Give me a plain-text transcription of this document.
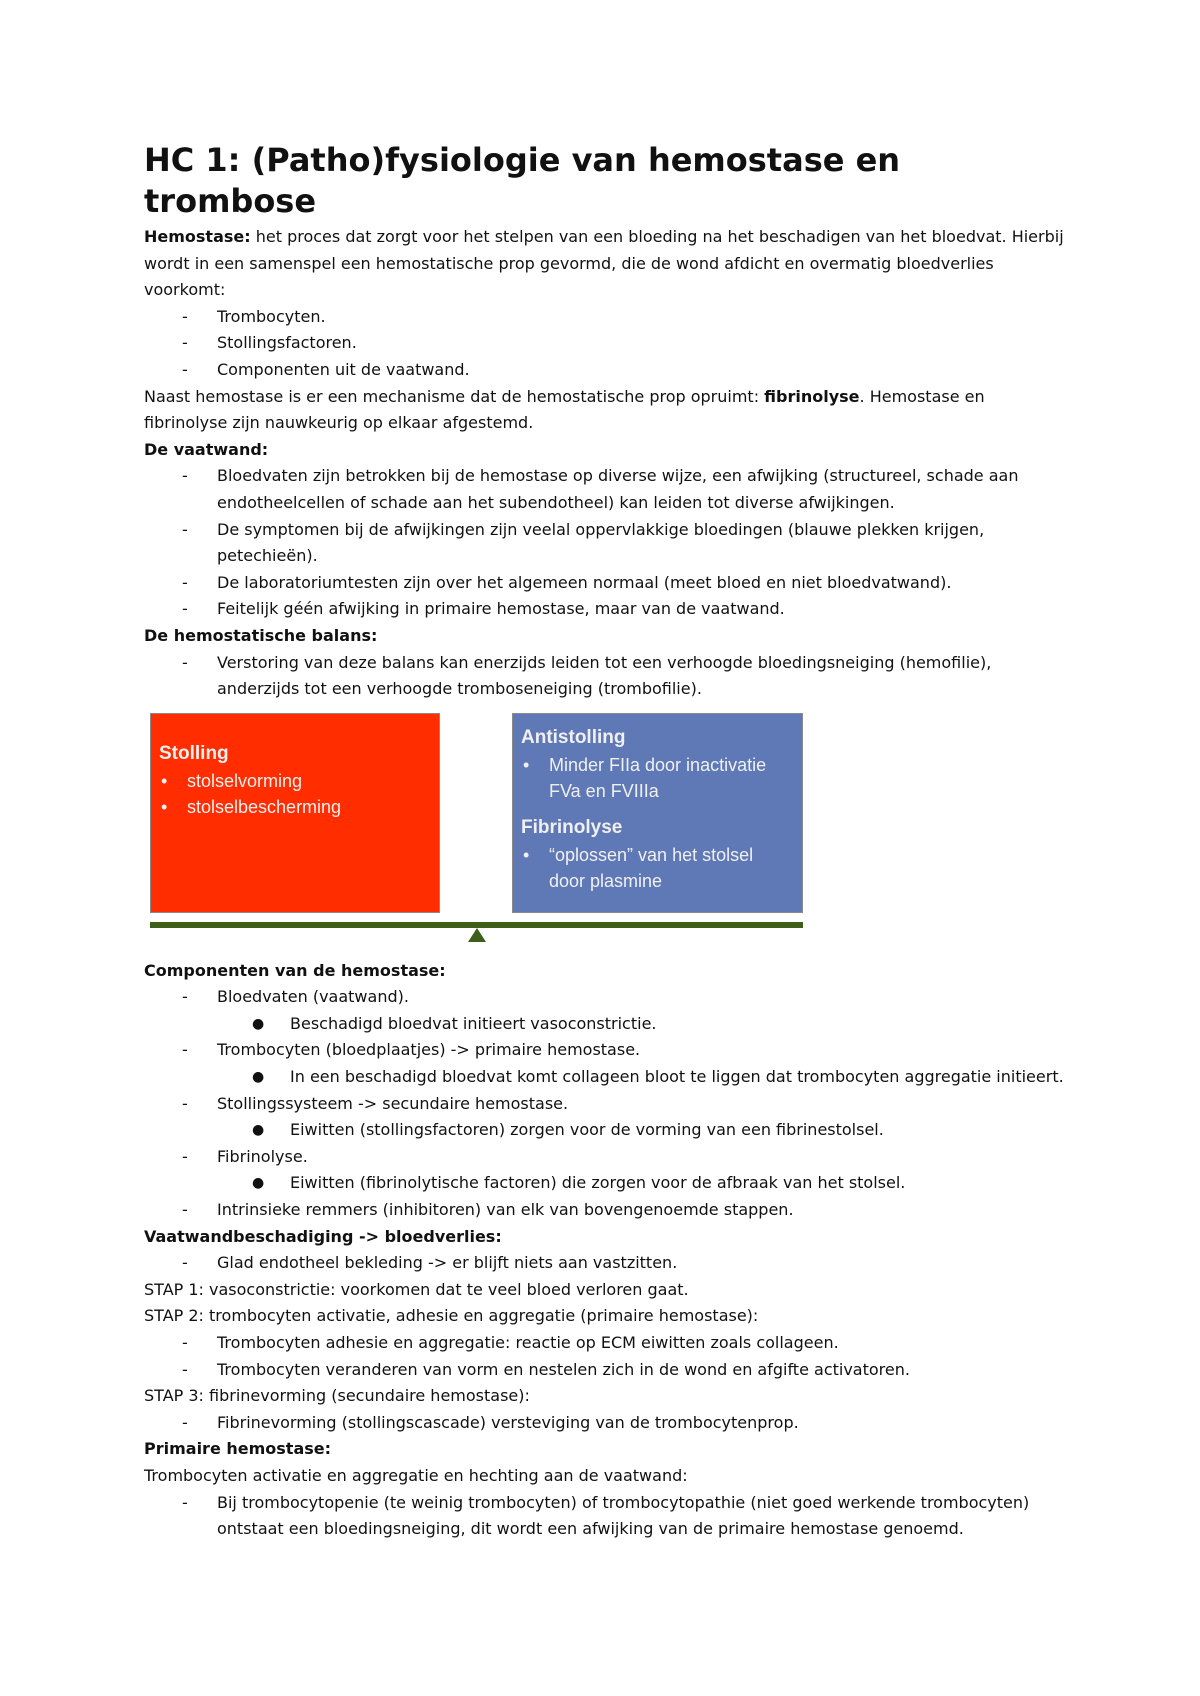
HC 1: (Patho)fysiologie van hemostase en trombose

Hemostase: het proces dat zorgt voor het stelpen van een bloeding na het beschadigen van het bloedvat. Hierbij wordt in een samenspel een hemostatische prop gevormd, die de wond afdicht en overmatig bloedverlies voorkomt:

- Trombocyten.
- Stollingsfactoren.
- Componenten uit de vaatwand.

Naast hemostase is er een mechanisme dat de hemostatische prop opruimt: fibrinolyse. Hemostase en fibrinolyse zijn nauwkeurig op elkaar afgestemd.

De vaatwand:

- Bloedvaten zijn betrokken bij de hemostase op diverse wijze, een afwijking (structureel, schade aan endotheelcellen of schade aan het subendotheel) kan leiden tot diverse afwijkingen.
- De symptomen bij de afwijkingen zijn veelal oppervlakkige bloedingen (blauwe plekken krijgen, petechieën).
- De laboratoriumtesten zijn over het algemeen normaal (meet bloed en niet bloedvatwand).
- Feitelijk géén afwijking in primaire hemostase, maar van de vaatwand.

De hemostatische balans:

- Verstoring van deze balans kan enerzijds leiden tot een verhoogde bloedingsneiging (hemofilie), anderzijds tot een verhoogde tromboseneiging (trombofilie).
Stolling
• stolselvorming
• stolselbescherming
Antistolling
• Minder FIIa door inactivatie FVa en FVIIIa
Fibrinolyse
• “oplossen” van het stolsel door plasmine

Componenten van de hemostase:

- Bloedvaten (vaatwand).
● Beschadigd bloedvat initieert vasoconstrictie.
- Trombocyten (bloedplaatjes) -> primaire hemostase.
● In een beschadigd bloedvat komt collageen bloot te liggen dat trombocyten aggregatie initieert.
- Stollingssysteem -> secundaire hemostase.
● Eiwitten (stollingsfactoren) zorgen voor de vorming van een fibrinestolsel.
- Fibrinolyse.
● Eiwitten (fibrinolytische factoren) die zorgen voor de afbraak van het stolsel.
- Intrinsieke remmers (inhibitoren) van elk van bovengenoemde stappen.

Vaatwandbeschadiging -> bloedverlies:

- Glad endotheel bekleding -> er blijft niets aan vastzitten.

STAP 1: vasoconstrictie: voorkomen dat te veel bloed verloren gaat.

STAP 2: trombocyten activatie, adhesie en aggregatie (primaire hemostase):

- Trombocyten adhesie en aggregatie: reactie op ECM eiwitten zoals collageen.
- Trombocyten veranderen van vorm en nestelen zich in de wond en afgifte activatoren.

STAP 3: fibrinevorming (secundaire hemostase):

- Fibrinevorming (stollingscascade) versteviging van de trombocytenprop.

Primaire hemostase:

Trombocyten activatie en aggregatie en hechting aan de vaatwand:

- Bij trombocytopenie (te weinig trombocyten) of trombocytopathie (niet goed werkende trombocyten) ontstaat een bloedingsneiging, dit wordt een afwijking van de primaire hemostase genoemd.
